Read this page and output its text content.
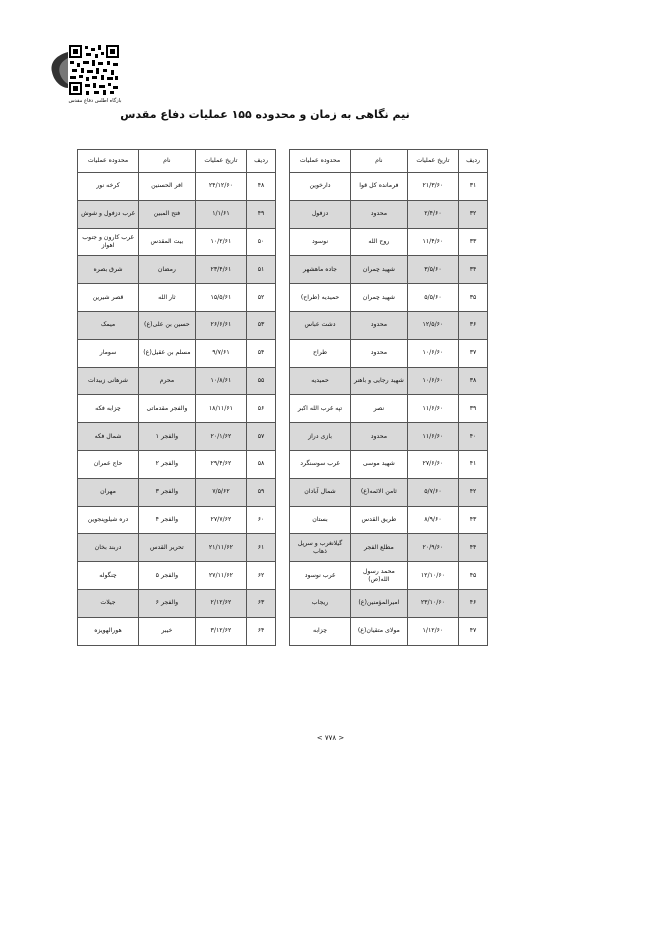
بازگاه اطلس دفاع مقدس
نیم نگاهی به زمان و محدوده ۱۵۵ عملیات دفاع مقدس
ردیف	تاریخ عملیات	نام	محدوده عملیات
۳۱	۲۱/۳/۶۰	فرمانده کل قوا	دارخوین
۳۲	۲/۴/۶۰	محدود	دزفول
۳۳	۱۱/۴/۶۰	روح الله	نوسود
۳۴	۳/۵/۶۰	شهید چمران	جاده ماهشهر
۳۵	۵/۵/۶۰	شهید چمران	حمیدیه (طراح)
۳۶	۱۲/۵/۶۰	محدود	دشت عباس
۳۷	۱۰/۶/۶۰	محدود	طراح
۳۸	۱۰/۶/۶۰	شهید رجایی و باهنر	حمیدیه
۳۹	۱۱/۶/۶۰	نصر	تپه غرب الله اکبر
۴۰	۱۱/۶/۶۰	محدود	بازی دراز
۴۱	۲۷/۶/۶۰	شهید موسی	غرب سوسنگرد
۴۲	۵/۷/۶۰	ثامن الائمه(ع)	شمال آبادان
۴۳	۸/۹/۶۰	طریق القدس	بستان
۴۴	۲۰/۹/۶۰	مطلع الفجر	گیلانغرب و سرپل ذهاب
۴۵	۱۲/۱۰/۶۰	محمد رسول الله(ص)	غرب نوسود
۴۶	۲۳/۱۰/۶۰	امیرالمؤمنین(ع)	ریجاب
۴۷	۱/۱۲/۶۰	مولای متقیان(ع)	چزابه
ردیف	تاریخ عملیات	نام	محدوده عملیات
۴۸	۲۴/۱۲/۶۰	افر الحسنین	کرخه نور
۴۹	۱/۱/۶۱	فتح المبین	غرب دزفول و شوش
۵۰	۱۰/۲/۶۱	بیت المقدس	غرب کارون و جنوب اهواز
۵۱	۲۳/۴/۶۱	رمضان	شرق بصره
۵۲	۱۵/۵/۶۱	ثار الله	قصر شیرین
۵۳	۲۶/۶/۶۱	حسین بن علی(ع)	میمک
۵۴	۹/۷/۶۱	مسلم بن عقیل(ع)	سومار
۵۵	۱۰/۸/۶۱	محرم	شرهانی زبیدات
۵۶	۱۸/۱۱/۶۱	والفجر مقدماتی	چزابه فکه
۵۷	۲۰/۱/۶۲	والفجر ۱	شمال فکه
۵۸	۲۹/۴/۶۲	والفجر ۲	حاج عمران
۵۹	۷/۵/۶۲	والفجر ۳	مهران
۶۰	۲۷/۷/۶۲	والفجر ۴	دره شیلوپنجوین
۶۱	۲۱/۱۱/۶۲	تحریر القدس	دربند بخان
۶۲	۲۷/۱۱/۶۲	والفجر ۵	چنگوله
۶۳	۲/۱۲/۶۲	والفجر ۶	جیلات
۶۴	۳/۱۲/۶۲	خیبر	هورالهویزه
< ۷۷۸ >
